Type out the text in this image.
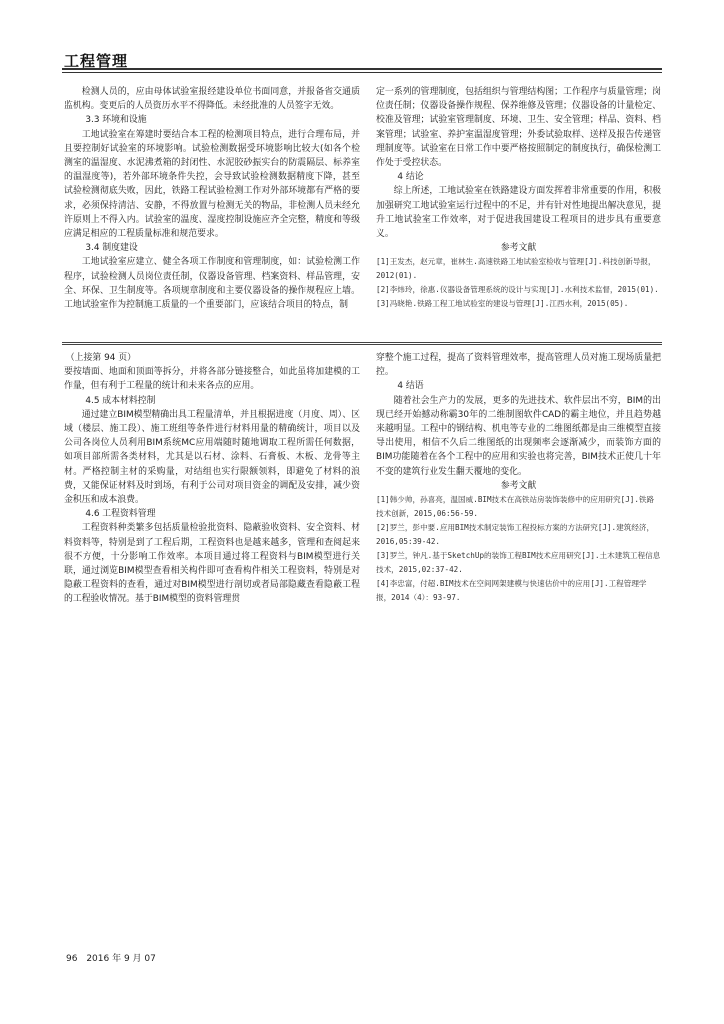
工程管理

检测人员的，应由母体试验室报经建设单位书面同意，并报备省交通质监机构。变更后的人员资历水平不得降低。未经批准的人员签字无效。

3.3 环境和设施

工地试验室在筹建时要结合本工程的检测项目特点，进行合理布局，并且要控制好试验室的环境影响。试验检测数据受环境影响比较大(如各个检测室的温湿度、水泥沸煮箱的封闭性、水泥胶砂振实台的防震隔层、标养室的温湿度等)，若外部环境条件失控，会导致试验检测数据精度下降，甚至试验检测彻底失败，因此，铁路工程试验检测工作对外部环境都有严格的要求，必须保持清洁、安静，不得放置与检测无关的物品，非检测人员未经允许原则上不得入内。试验室的温度、湿度控制设施应齐全完整，精度和等级应满足相应的工程质量标准和规范要求。

3.4 制度建设

工地试验室应建立、健全各项工作制度和管理制度，如：试验检测工作程序，试验检测人员岗位责任制，仪器设备管理、档案资料、样品管理，安全、环保、卫生制度等。各项规章制度和主要仪器设备的操作规程应上墙。工地试验室作为控制施工质量的一个重要部门，应该结合项目的特点，制

定一系列的管理制度，包括组织与管理结构图；工作程序与质量管理；岗位责任制；仪器设备操作规程、保养维修及管理；仪器设备的计量检定、校准及管理；试验室管理制度、环境、卫生、安全管理；样品、资料、档案管理；试验室、养护室温湿度管理；外委试验取样、送样及报告传递管理制度等。试验室在日常工作中要严格按照制定的制度执行，确保检测工作处于受控状态。

4 结论

综上所述，工地试验室在铁路建设方面发挥着非常重要的作用，积极加强研究工地试验室运行过程中的不足，并有针对性地提出解决意见，提升工地试验室工作效率，对于促进我国建设工程项目的进步具有重要意义。

参考文献

[1]王发杰，赵元章，崔林生.高速铁路工地试验室检收与管理[J].科技创新导报，2012(01).

[2]李炜玲，徐惠.仪器设备管理系统的设计与实现[J].水利技术监督，2015(01).

[3]冯晓艳.铁路工程工地试验室的建设与管理[J].江西水利，2015(05).

（上接第 94 页）

要按墙面、地面和顶面等拆分，并将各部分链接整合，如此虽将加建模的工作量，但有利于工程量的统计和未来各点的应用。

4.5 成本材料控制

通过建立BIM模型精确出具工程量清单，并且根据进度（月度、周）、区域（楼层、施工段）、施工班组等条件进行材料用量的精确统计，项目以及公司各岗位人员利用BIM系统MC应用端随时随地调取工程所需任何数据，如项目部所需各类材料，尤其是以石材、涂料、石膏板、木板、龙骨等主材。严格控制主材的采购量，对结组也实行限额领料，即避免了材料的浪费，又能保证材料及时到场，有利于公司对项目资金的调配及安排，减少资金积压和成本浪费。

4.6 工程资料管理

工程资料种类繁多包括质量检验批资料、隐蔽验收资料、安全资料、材料资料等，特别是到了工程后期，工程资料也是越来越多，管理和查阅起来很不方便，十分影响工作效率。本项目通过将工程资料与BIM模型进行关联，通过浏览BIM模型查看相关构件即可查看构件相关工程资料，特别是对隐蔽工程资料的查看，通过对BIM模型进行剖切或者局部隐藏查看隐蔽工程的工程验收情况。基于BIM模型的资料管理贯

穿整个施工过程，提高了资料管理效率，提高管理人员对施工现场质量把控。

4 结语

随着社会生产力的发展，更多的先进技术、软件层出不穷，BIM的出现已经开始撼动称霸30年的二维制图软件CAD的霸主地位，并且趋势越来越明显。工程中的钢结构、机电等专业的二维图纸都是由三维模型直接导出使用，相信不久后二维图纸的出现频率会逐渐减少，而装饰方面的BIM功能随着在各个工程中的应用和实验也将完善，BIM技术正使几十年不变的建筑行业发生翻天覆地的变化。

参考文献

[1]韩少帅，孙喜亮，温国威.BIM技术在高铁站房装饰装修中的应用研究[J].铁路技术创新，2015,06:56-59.

[2]罗兰，彭中要.应用BIM技术制定装饰工程投标方案的方法研究[J].建筑经济，2016,05:39-42.

[3]罗兰，钟凡.基于SketchUp的装饰工程BIM技术应用研究[J].土木建筑工程信息技术，2015,02:37-42.

[4]李忠富，付超.BIM技术在空间网架建模与快速估价中的应用[J].工程管理学报，2014（4）：93-97.

96 2016 年 9 月 07
